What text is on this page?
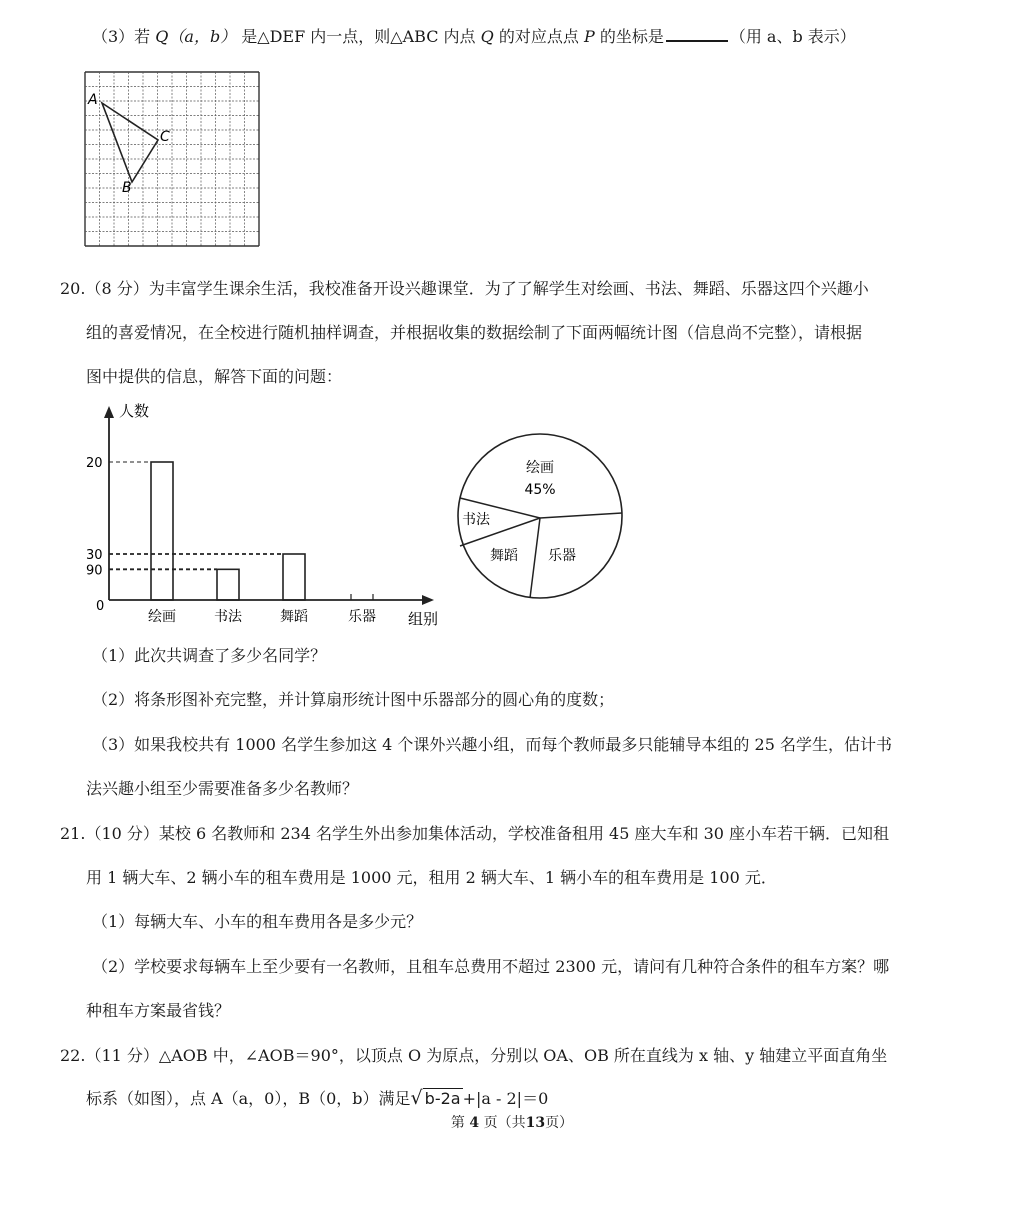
（3）若 Q（a，b） 是△DEF 内一点，则△ABC 内点 Q 的对应点点 P 的坐标是	（用 a、b 表示）
A
C
B
20.（8 分）为丰富学生课余生活，我校准备开设兴趣课堂．为了了解学生对绘画、书法、舞蹈、乐器这四个兴趣小
组的喜爱情况，在全校进行随机抽样调查，并根据收集的数据绘制了下面两幅统计图（信息尚不完整），请根据
图中提供的信息，解答下面的问题：
人数
组别
0
绘画	书法	舞蹈	乐器
20
30
90
绘画
45%
书法
舞蹈 乐器
（1）此次共调查了多少名同学？
（2）将条形图补充完整，并计算扇形统计图中乐器部分的圆心角的度数；
（3）如果我校共有 1000 名学生参加这 4 个课外兴趣小组，而每个教师最多只能辅导本组的 25 名学生，估计书
法兴趣小组至少需要准备多少名教师？
21.（10 分）某校 6 名教师和 234 名学生外出参加集体活动，学校准备租用 45 座大车和 30 座小车若干辆．已知租
用 1 辆大车、2 辆小车的租车费用是 1000 元，租用 2 辆大车、1 辆小车的租车费用是 100 元．
（1）每辆大车、小车的租车费用各是多少元？
（2）学校要求每辆车上至少要有一名教师，且租车总费用不超过 2300 元，请问有几种符合条件的租车方案？哪
种租车方案最省钱？
22.（11 分）△AOB 中，∠AOB＝90°，以顶点 O 为原点，分别以 OA、OB 所在直线为 x 轴、y 轴建立平面直角坐
标系（如图），点 A（a，0），B（0，b）满足√ b-2a +|a - 2|＝0
第 4 页（共13页）
